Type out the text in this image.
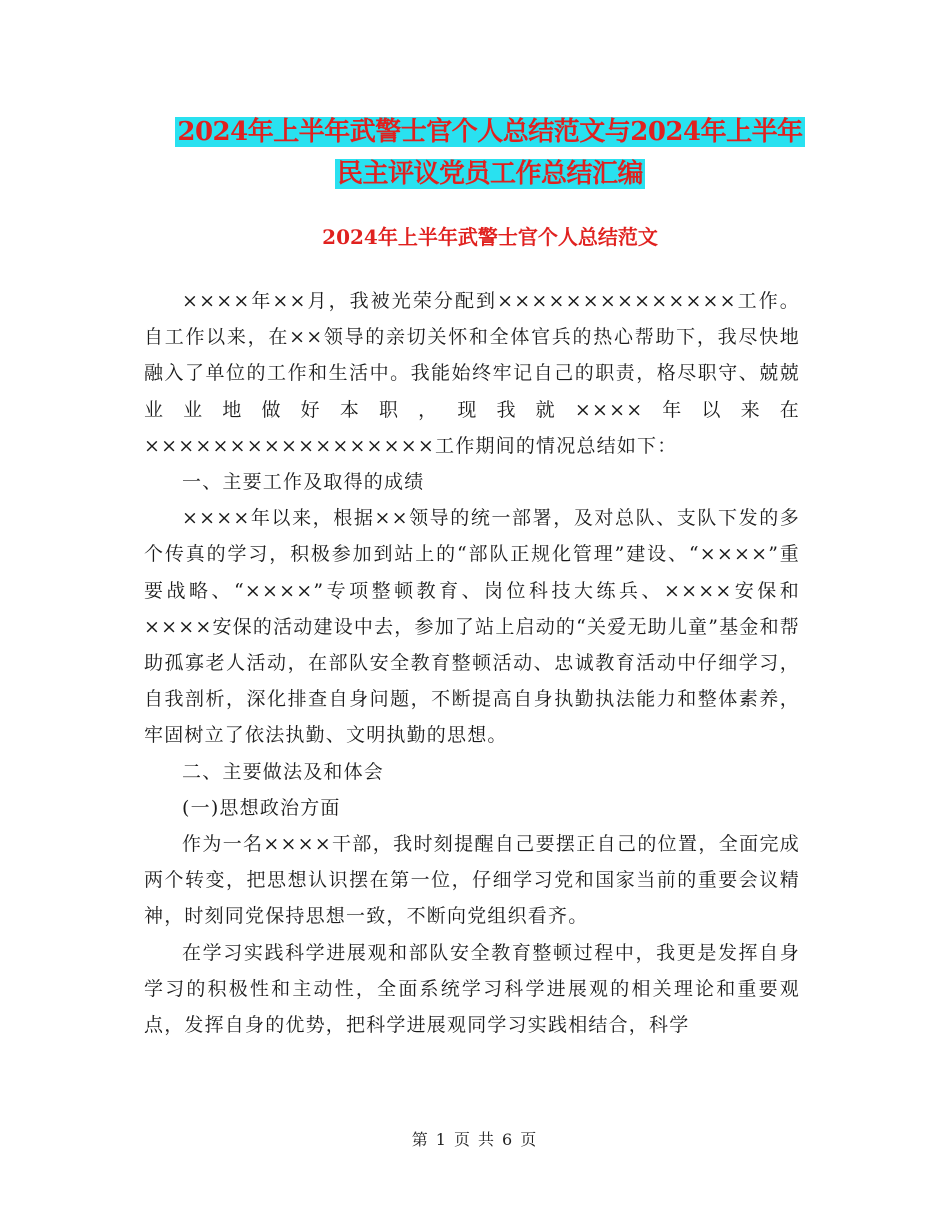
2024年上半年武警士官个人总结范文与2024年上半年
民主评议党员工作总结汇编
2024年上半年武警士官个人总结范文

××××年××月，我被光荣分配到××××××××××××××工作。自工作以来，在××领导的亲切关怀和全体官兵的热心帮助下，我尽快地融入了单位的工作和生活中。我能始终牢记自己的职责，格尽职守、兢兢业业地做好本职，现我就××××年以来在×××××××××××××××××工作期间的情况总结如下：

一、主要工作及取得的成绩

××××年以来，根据××领导的统一部署，及对总队、支队下发的多个传真的学习，积极参加到站上的“部队正规化管理”建设、“××××”重要战略、“××××”专项整顿教育、岗位科技大练兵、××××安保和××××安保的活动建设中去，参加了站上启动的“关爱无助儿童”基金和帮助孤寡老人活动，在部队安全教育整顿活动、忠诚教育活动中仔细学习，自我剖析，深化排查自身问题，不断提高自身执勤执法能力和整体素养，牢固树立了依法执勤、文明执勤的思想。

二、主要做法及和体会

(一)思想政治方面

作为一名××××干部，我时刻提醒自己要摆正自己的位置，全面完成两个转变，把思想认识摆在第一位，仔细学习党和国家当前的重要会议精神，时刻同党保持思想一致，不断向党组织看齐。

在学习实践科学进展观和部队安全教育整顿过程中，我更是发挥自身学习的积极性和主动性，全面系统学习科学进展观的相关理论和重要观点，发挥自身的优势，把科学进展观同学习实践相结合，科学

第 1 页 共 6 页
